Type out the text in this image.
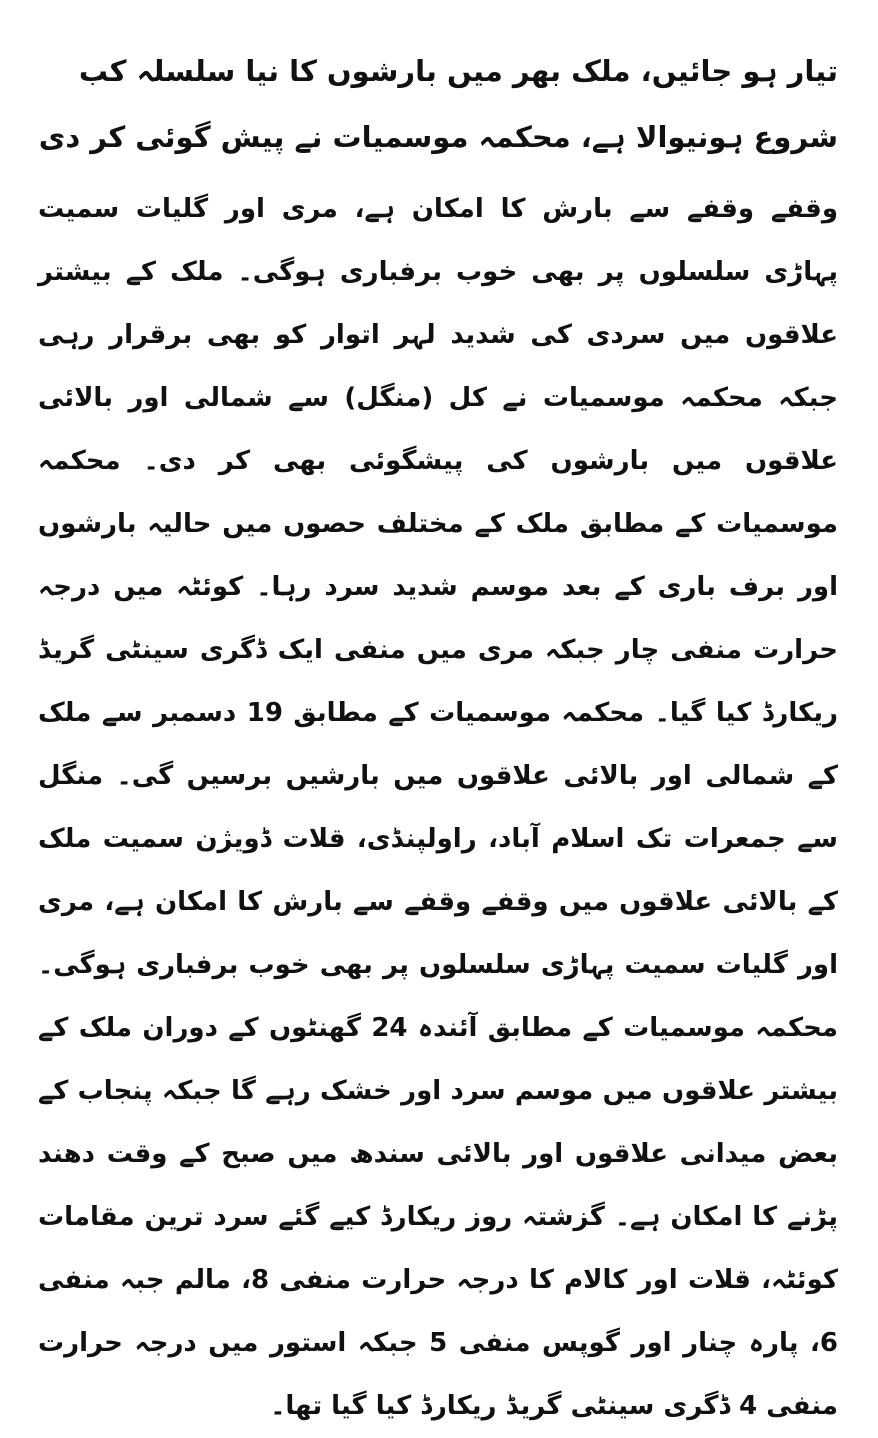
تیار ہو جائیں، ملک بھر میں بارشوں کا نیا سلسلہ کب شروع ہونیوالا ہے، محکمہ موسمیات نے پیش گوئی کر دی

وقفے وقفے سے بارش کا امکان ہے، مری اور گلیات سمیت پہاڑی سلسلوں پر بھی خوب برفباری ہوگی۔ ملک کے بیشتر علاقوں میں سردی کی شدید لہر اتوار کو بھی برقرار رہی جبکہ محکمہ موسمیات نے کل (منگل) سے شمالی اور بالائی علاقوں میں بارشوں کی پیشگوئی بھی کر دی۔ محکمہ موسمیات کے مطابق ملک کے مختلف حصوں میں حالیہ بارشوں اور برف باری کے بعد موسم شدید سرد رہا۔ کوئٹہ میں درجہ حرارت منفی چار جبکہ مری میں منفی ایک ڈگری سینٹی گریڈ ریکارڈ کیا گیا۔ محکمہ موسمیات کے مطابق 19 دسمبر سے ملک کے شمالی اور بالائی علاقوں میں بارشیں برسیں گی۔ منگل سے جمعرات تک اسلام آباد، راولپنڈی، قلات ڈویژن سمیت ملک کے بالائی علاقوں میں وقفے وقفے سے بارش کا امکان ہے، مری اور گلیات سمیت پہاڑی سلسلوں پر بھی خوب برفباری ہوگی۔ محکمہ موسمیات کے مطابق آئندہ 24 گھنٹوں کے دوران ملک کے بیشتر علاقوں میں موسم سرد اور خشک رہے گا جبکہ پنجاب کے بعض میدانی علاقوں اور بالائی سندھ میں صبح کے وقت دھند پڑنے کا امکان ہے۔ گزشتہ روز ریکارڈ کیے گئے سرد ترین مقامات کوئٹہ، قلات اور کالام کا درجہ حرارت منفی 8، مالم جبہ منفی 6، پارہ چنار اور گوپس منفی 5 جبکہ استور میں درجہ حرارت منفی 4 ڈگری سینٹی گریڈ ریکارڈ کیا گیا تھا۔
